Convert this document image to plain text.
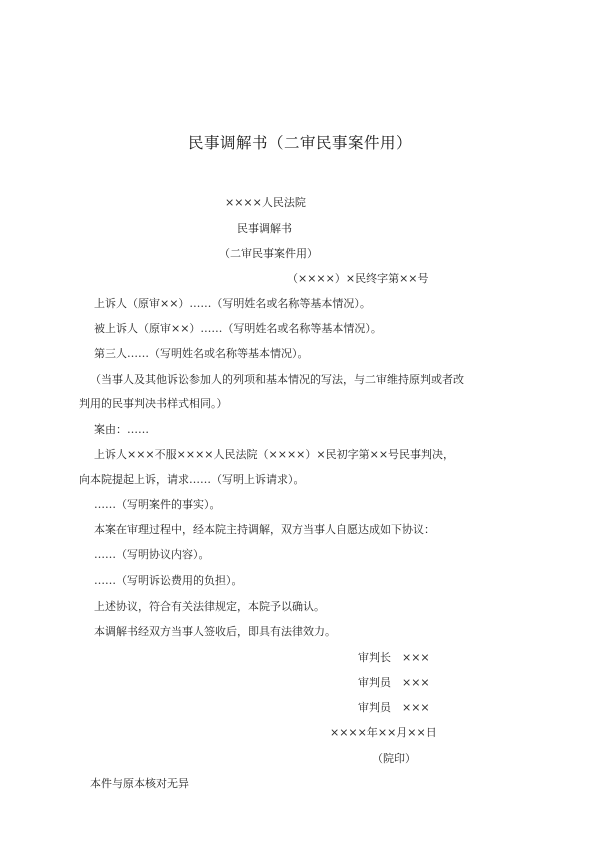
民事调解书（二审民事案件用）
××××人民法院
民事调解书
（二审民事案件用）
（××××）×民终字第××号
上诉人（原审××）……（写明姓名或名称等基本情况）。
被上诉人（原审××）……（写明姓名或名称等基本情况）。
第三人……（写明姓名或名称等基本情况）。
（当事人及其他诉讼参加人的列项和基本情况的写法，与二审维持原判或者改
判用的民事判决书样式相同。）
案由：……
上诉人×××不服××××人民法院（××××）×民初字第××号民事判决，
向本院提起上诉，请求……（写明上诉请求）。
……（写明案件的事实）。
本案在审理过程中，经本院主持调解，双方当事人自愿达成如下协议：
……（写明协议内容）。
……（写明诉讼费用的负担）。
上述协议，符合有关法律规定，本院予以确认。
本调解书经双方当事人签收后，即具有法律效力。
审判长　×××
审判员　×××
审判员　×××
××××年××月××日
（院印）
本件与原本核对无异
